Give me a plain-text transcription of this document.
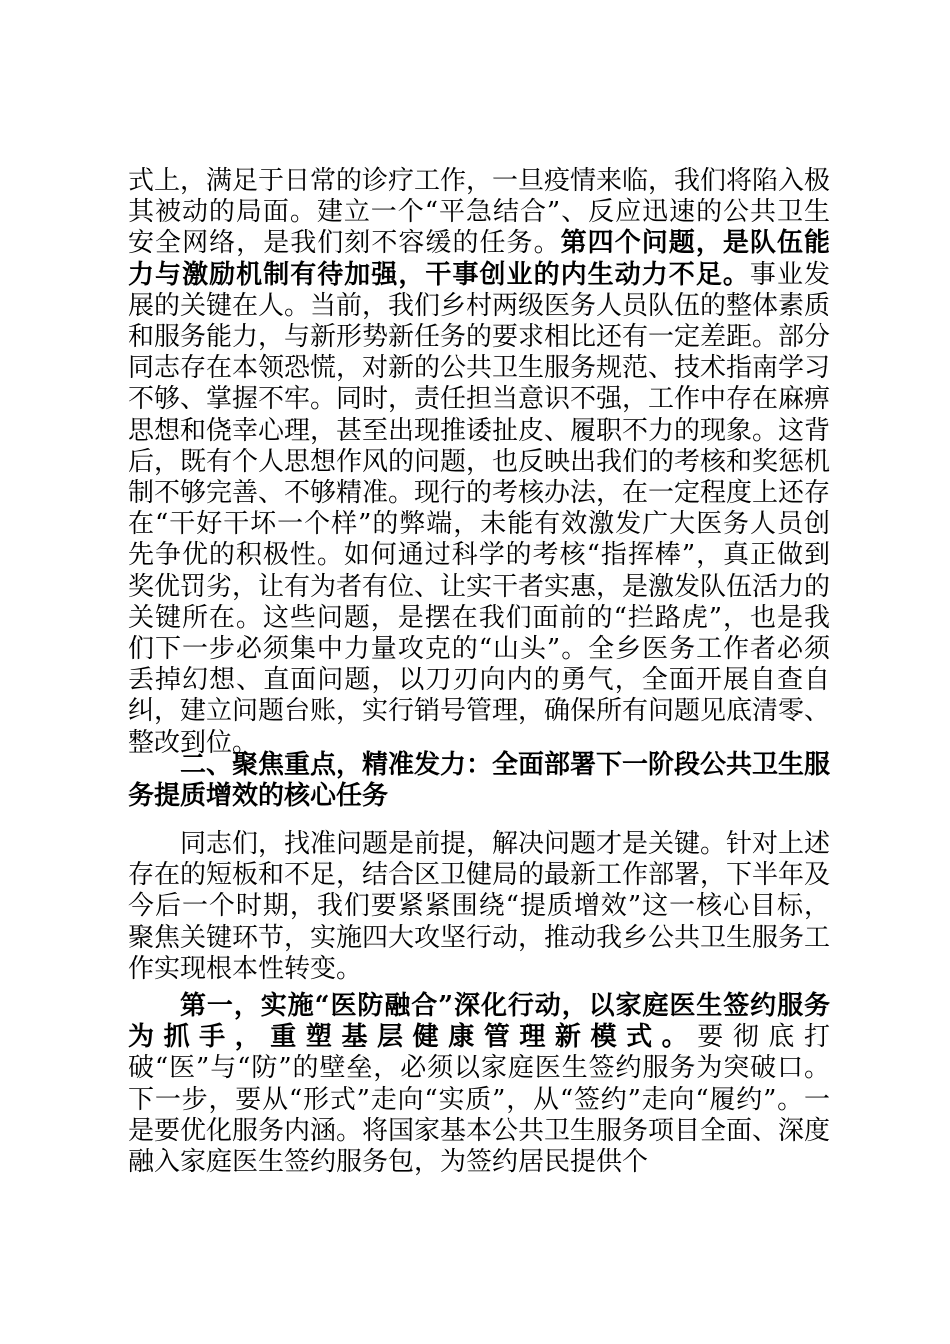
式上，满足于日常的诊疗工作，一旦疫情来临，我们将陷入极其被动的局面。建立一个“平急结合”、反应迅速的公共卫生安全网络，是我们刻不容缓的任务。第四个问题，是队伍能力与激励机制有待加强，干事创业的内生动力不足。事业发展的关键在人。当前，我们乡村两级医务人员队伍的整体素质和服务能力，与新形势新任务的要求相比还有一定差距。部分同志存在本领恐慌，对新的公共卫生服务规范、技术指南学习不够、掌握不牢。同时，责任担当意识不强，工作中存在麻痹思想和侥幸心理，甚至出现推诿扯皮、履职不力的现象。这背后，既有个人思想作风的问题，也反映出我们的考核和奖惩机制不够完善、不够精准。现行的考核办法，在一定程度上还存在“干好干坏一个样”的弊端，未能有效激发广大医务人员创先争优的积极性。如何通过科学的考核“指挥棒”，真正做到奖优罚劣，让有为者有位、让实干者实惠，是激发队伍活力的关键所在。这些问题，是摆在我们面前的“拦路虎”，也是我们下一步必须集中力量攻克的“山头”。全乡医务工作者必须丢掉幻想、直面问题，以刀刃向内的勇气，全面开展自查自纠，建立问题台账，实行销号管理，确保所有问题见底清零、整改到位。

二、聚焦重点，精准发力：全面部署下一阶段公共卫生服务提质增效的核心任务

同志们，找准问题是前提，解决问题才是关键。针对上述存在的短板和不足，结合区卫健局的最新工作部署，下半年及今后一个时期，我们要紧紧围绕“提质增效”这一核心目标，聚焦关键环节，实施四大攻坚行动，推动我乡公共卫生服务工作实现根本性转变。

第一，实施“医防融合”深化行动，以家庭医生签约服务为抓手，重塑基层健康管理新模式。要彻底打破“医”与“防”的壁垒，必须以家庭医生签约服务为突破口。下一步，要从“形式”走向“实质”，从“签约”走向“履约”。一是要优化服务内涵。将国家基本公共卫生服务项目全面、深度融入家庭医生签约服务包，为签约居民提供个
